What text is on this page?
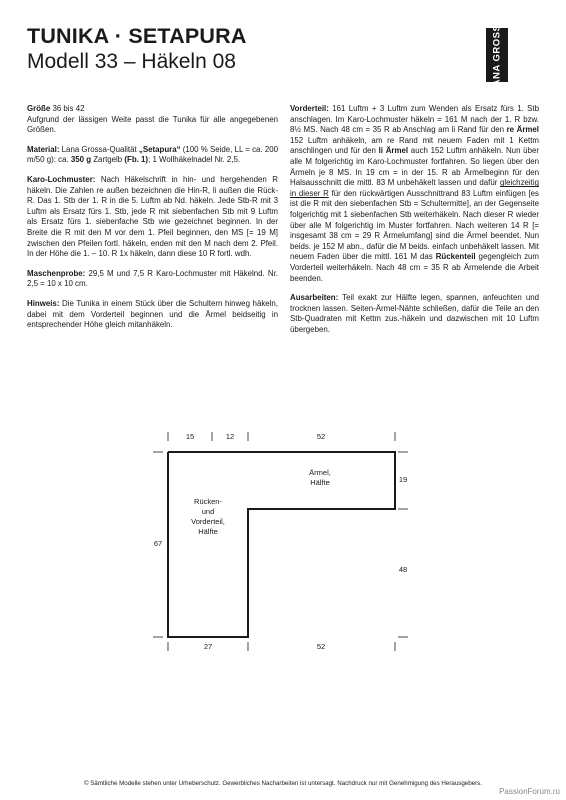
TUNIKA · SETAPURA
Modell 33 – Häkeln 08	LANA GROSSA

Größe 36 bis 42
Aufgrund der lässigen Weite passt die Tunika für alle angegebenen Größen.

Material: Lana Grossa-Qualität „Setapura“ (100 % Seide, LL = ca. 200 m/50 g): ca. 350 g Zartgelb (Fb. 1); 1 Wollhäkelnadel Nr. 2,5.

Karo-Lochmuster: Nach Häkelschrift in hin- und hergehenden R häkeln. Die Zahlen re außen bezeichnen die Hin-R, li außen die Rück-R. Das 1. Stb der 1. R in die 5. Luftm ab Nd. häkeln. Jede Stb-R mit 3 Luftm als Ersatz fürs 1. Stb, jede R mit siebenfachen Stb mit 9 Luftm als Ersatz fürs 1. siebenfache Stb wie gezeichnet beginnen. In der Breite die R mit den M vor dem 1. Pfeil beginnen, den MS [= 19 M] zwischen den Pfeilen fortl. häkeln, enden mit den M nach dem 2. Pfeil. In der Höhe die 1. – 10. R 1x häkeln, dann diese 10 R fortl. wdh.

Maschenprobe: 29,5 M und 7,5 R Karo-Lochmuster mit Häkelnd. Nr. 2,5 = 10 x 10 cm.

Hinweis: Die Tunika in einem Stück über die Schultern hinweg häkeln, dabei mit dem Vorderteil beginnen und die Ärmel beidseitig in entsprechender Höhe gleich mitanhäkeln.

Vorderteil: 161 Luftm + 3 Luftm zum Wenden als Ersatz fürs 1. Stb anschlagen. Im Karo-Lochmuster häkeln = 161 M nach der 1. R bzw. 8½ MS. Nach 48 cm = 35 R ab Anschlag am li Rand für den re Ärmel 152 Luftm anhäkeln, am re Rand mit neuem Faden mit 1 Kettm anschlingen und für den li Ärmel auch 152 Luftm anhäkeln. Nun über alle M folgerichtig im Karo-Lochmuster fortfahren. So liegen über den Ärmeln je 8 MS. In 19 cm = in der 15. R ab Ärmelbeginn für den Halsausschnitt die mittl. 83 M unbehäkelt lassen und dafür gleichzeitig in dieser R für den rückwärtigen Ausschnittrand 83 Luftm einfügen [es ist die R mit den siebenfachen Stb = Schultermitte], an der Gegenseite folgerichtig mit 1 siebenfachen Stb weiterhäkeln. Nach dieser R wieder über alle M folgerichtig im Muster fortfahren. Nach weiteren 14 R [= insgesamt 38 cm = 29 R Ärmelumfang] sind die Ärmel beendet. Nun beids. je 152 M abn., dafür die M beids. einfach unbehäkelt lassen. Mit neuem Faden über die mittl. 161 M das Rückenteil gegengleich zum Vorderteil weiterhäkeln. Nach 48 cm = 35 R ab Ärmelende die Arbeit beenden.

Ausarbeiten: Teil exakt zur Hälfte legen, spannen, anfeuchten und trocknen lassen. Seiten-Ärmel-Nähte schließen, dafür die Teile an den Stb-Quadraten mit Kettm zus.-häkeln und dazwischen mit 10 Luftm übergeben.

15	12	52
27	52
67
19
48
Ärmel,
Hälfte
Rücken-
und
Vorderteil,
Hälfte
© Sämtliche Modelle stehen unter Urheberschutz. Gewerbliches Nacharbeiten ist untersagt. Nachdruck nur mit Genehmigung des Herausgebers.
PassionForum.ru
